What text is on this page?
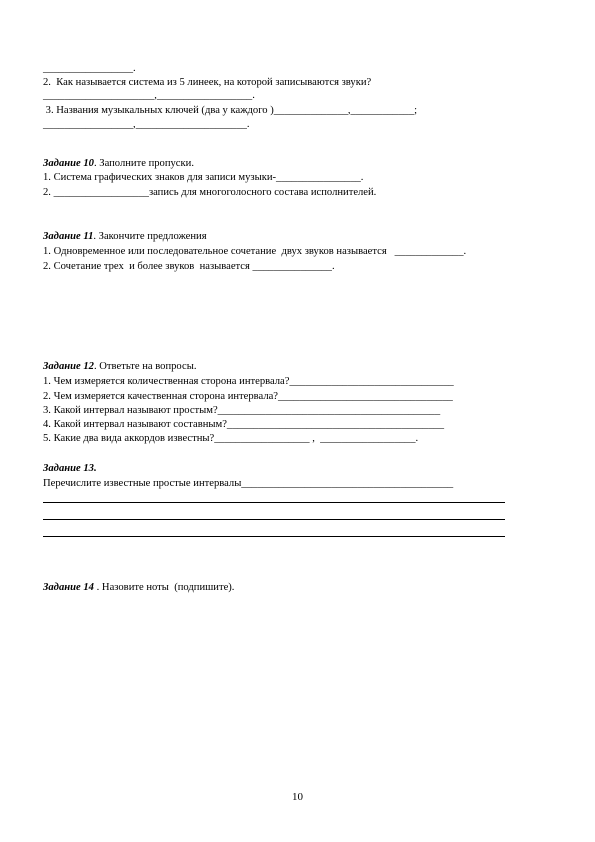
_________________.
2.  Как называется система из 5 линеек, на которой записываются звуки?
_____________________,__________________.
3. Названия музыкальных ключей (два у каждого )______________,____________;
_________________,_____________________.
Задание 10. Заполните пропуски.
1. Система графических знаков для записи музыки-________________.
2. __________________запись для многоголосного состава исполнителей.
Задание 11. Закончите предложения
1. Одновременное или последовательное сочетание  двух звуков называется   _____________.
2. Сочетание трех  и более звуков  называется _______________.
Задание 12. Ответьте на вопросы.
1. Чем измеряется количественная сторона интервала?_______________________________
2. Чем измеряется качественная сторона интервала?_________________________________
3. Какой интервал называют простым?__________________________________________
4. Какой интервал называют составным?_________________________________________
5. Какие два вида аккордов известны?__________________ ,  __________________.
Задание 13.
Перечислите известные простые интервалы________________________________________
Задание 14 . Назовите ноты  (подпишите).
10
